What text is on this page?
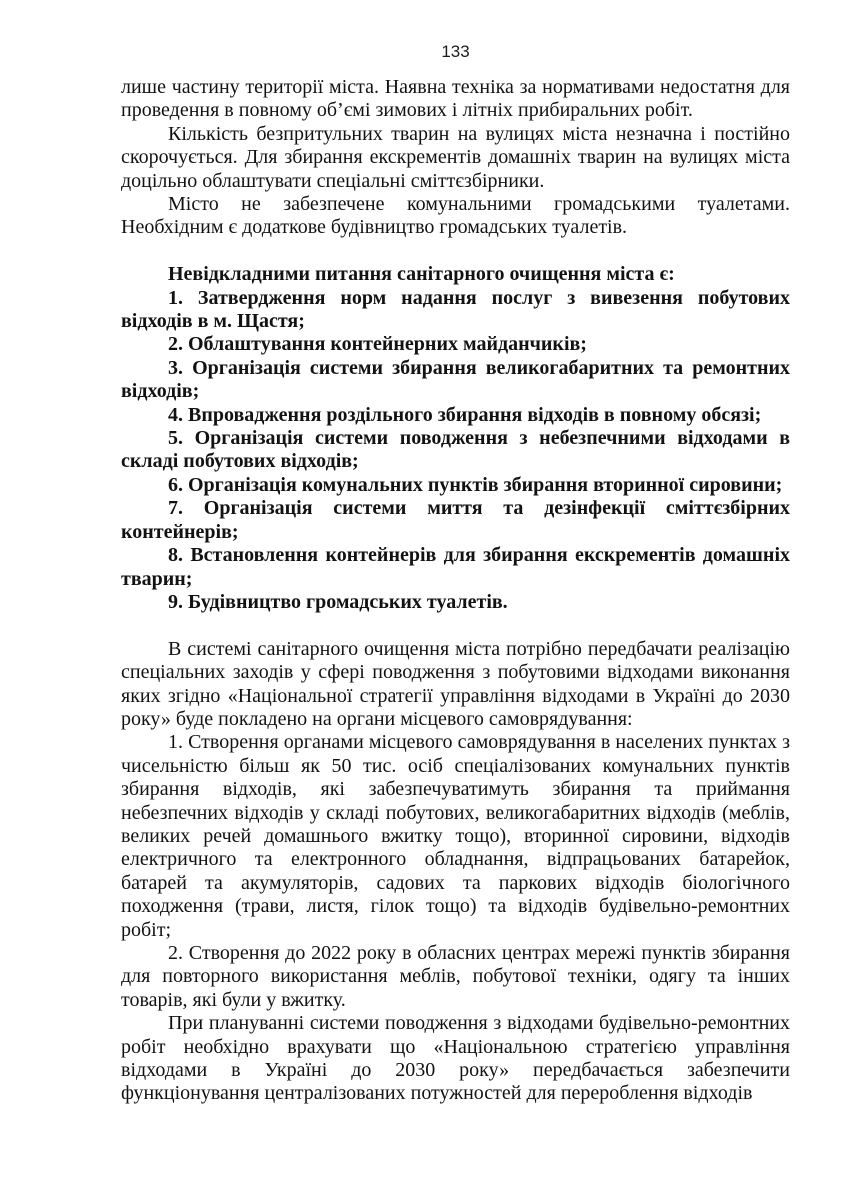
133

лише частину території міста. Наявна техніка за нормативами недостатня для проведення в повному об’ємі зимових і літніх прибиральних робіт.

Кількість безпритульних тварин на вулицях міста незначна і постійно скорочується. Для збирання екскрементів домашніх тварин на вулицях міста доцільно облаштувати спеціальні сміттєзбірники.

Місто не забезпечене комунальними громадськими туалетами. Необхідним є додаткове будівництво громадських туалетів.

Невідкладними питання санітарного очищення міста є:

1. Затвердження норм надання послуг з вивезення побутових відходів в м. Щастя;

2. Облаштування контейнерних майданчиків;

3. Організація системи збирання великогабаритних та ремонтних відходів;

4. Впровадження роздільного збирання відходів в повному обсязі;

5. Організація системи поводження з небезпечними відходами в складі побутових відходів;

6. Організація комунальних пунктів збирання вторинної сировини;

7. Організація системи миття та дезінфекції сміттєзбірних контейнерів;

8. Встановлення контейнерів для збирання екскрементів домашніх тварин;

9. Будівництво громадських туалетів.

В системі санітарного очищення міста потрібно передбачати реалізацію спеціальних заходів у сфері поводження з побутовими відходами виконання яких згідно «Національної стратегії управління відходами в Україні до 2030 року» буде покладено на органи місцевого самоврядування:

1. Створення органами місцевого самоврядування в населених пунктах з чисельністю більш як 50 тис. осіб спеціалізованих комунальних пунктів збирання відходів, які забезпечуватимуть збирання та приймання небезпечних відходів у складі побутових, великогабаритних відходів (меблів, великих речей домашнього вжитку тощо), вторинної сировини, відходів електричного та електронного обладнання, відпрацьованих батарейок, батарей та акумуляторів, садових та паркових відходів біологічного походження (трави, листя, гілок тощо) та відходів будівельно-ремонтних робіт;

2. Створення до 2022 року в обласних центрах мережі пунктів збирання для повторного використання меблів, побутової техніки, одягу та інших товарів, які були у вжитку.

При плануванні системи поводження з відходами будівельно-ремонтних робіт необхідно врахувати що «Національною стратегією управління відходами в Україні до 2030 року» передбачається забезпечити функціонування централізованих потужностей для перероблення відходів
